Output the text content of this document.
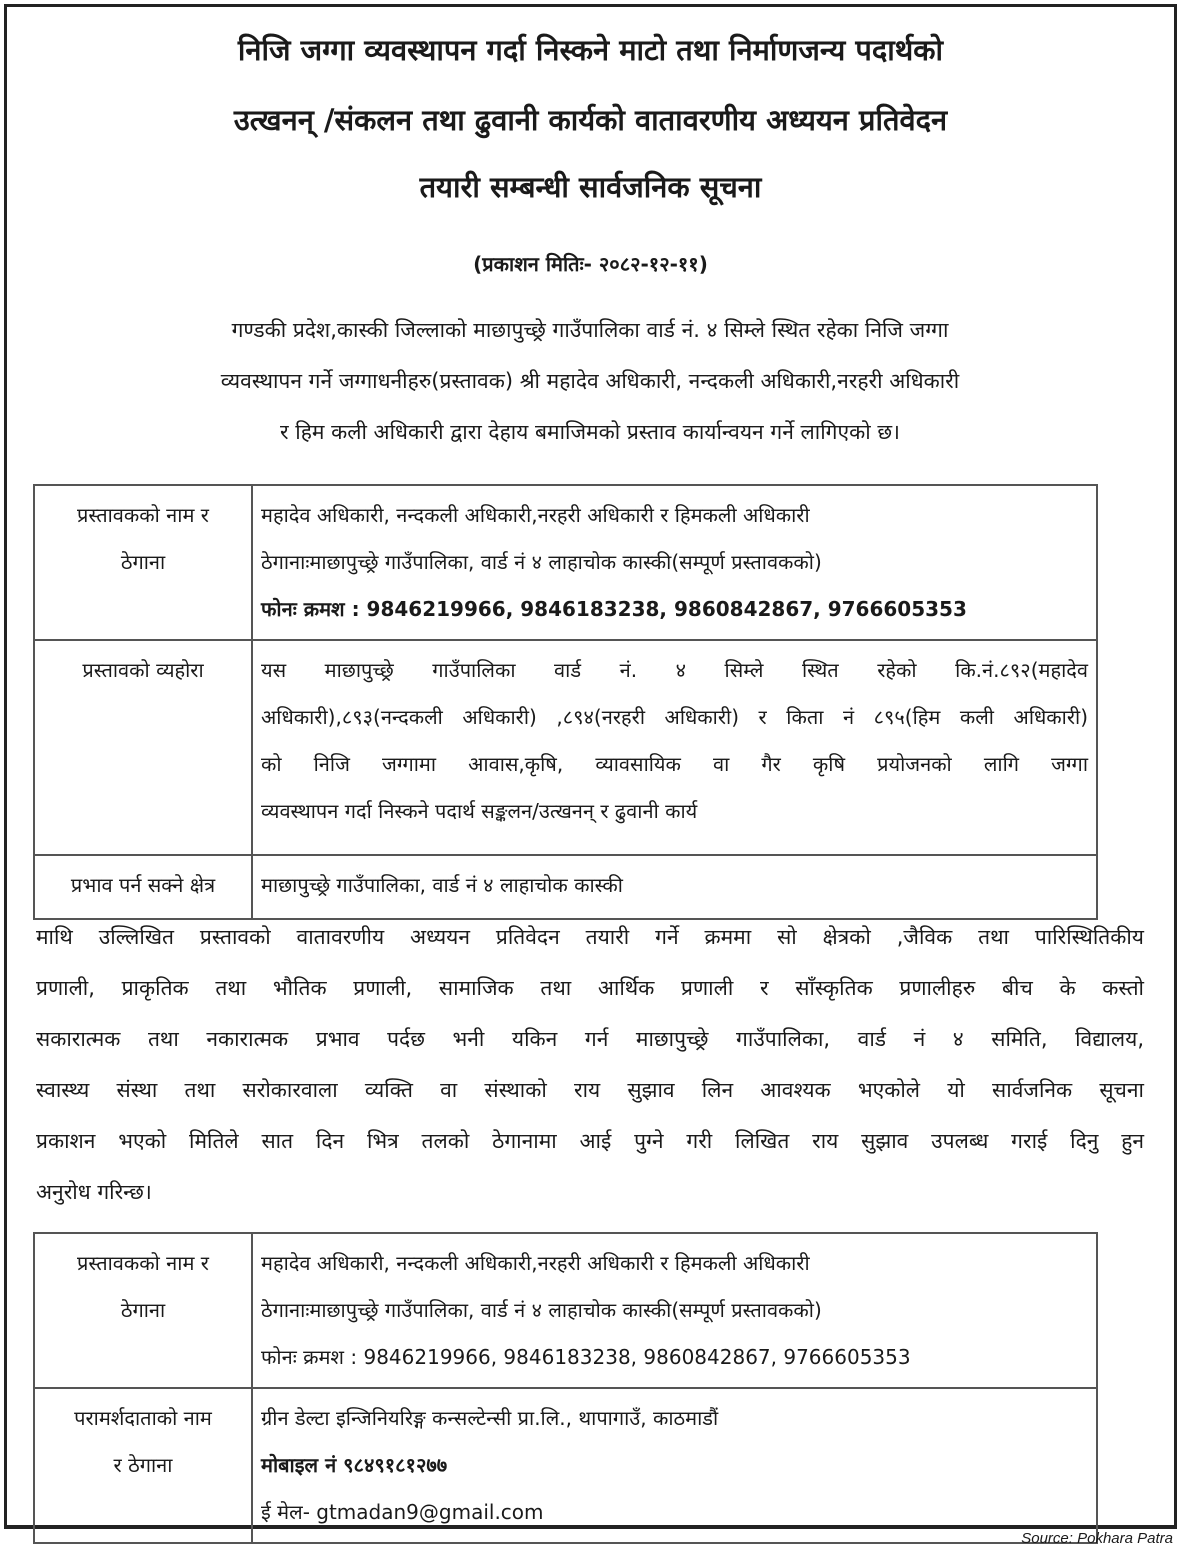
निजि जग्गा व्यवस्थापन गर्दा निस्कने माटो तथा निर्माणजन्य पदार्थको
उत्खनन् /संकलन तथा ढुवानी कार्यको वातावरणीय अध्ययन प्रतिवेदन
तयारी सम्बन्धी सार्वजनिक सूचना
(प्रकाशन मितिः- २०८२-१२-११)
गण्डकी प्रदेश,कास्की जिल्लाको माछापुच्छ्रे गाउँपालिका वार्ड नं. ४ सिम्ले स्थित रहेका निजि जग्गा
व्यवस्थापन गर्ने जग्गाधनीहरु(प्रस्तावक) श्री महादेव अधिकारी, नन्दकली अधिकारी,नरहरी अधिकारी
र हिम कली अधिकारी द्वारा देहाय बमाजिमको प्रस्ताव कार्यान्वयन गर्ने लागिएको छ।
प्रस्तावकको नाम र
ठेगाना	महादेव अधिकारी, नन्दकली अधिकारी,नरहरी अधिकारी र हिमकली अधिकारी
ठेगानाःमाछापुच्छ्रे गाउँपालिका, वार्ड नं ४ लाहाचोक कास्की(सम्पूर्ण प्रस्तावकको)
फोनः क्रमश : 9846219966, 9846183238, 9860842867, 9766605353

प्रस्तावको व्यहोरा	यस माछापुच्छ्रे गाउँपालिका वार्ड नं. ४ सिम्ले स्थित रहेको कि.नं.८९२(महादेव
अधिकारी),८९३(नन्दकली अधिकारी) ,८९४(नरहरी अधिकारी) र किता नं ८९५(हिम कली अधिकारी)
को निजि जग्गामा आवास,कृषि, व्यावसायिक वा गैर कृषि प्रयोजनको लागि जग्गा
व्यवस्थापन गर्दा निस्कने पदार्थ सङ्कलन/उत्खनन् र ढुवानी कार्य

प्रभाव पर्न सक्ने क्षेत्र	माछापुच्छ्रे गाउँपालिका, वार्ड नं ४ लाहाचोक कास्की
माथि उल्लिखित प्रस्तावको वातावरणीय अध्ययन प्रतिवेदन तयारी गर्ने क्रममा सो क्षेत्रको ,जैविक तथा पारिस्थितिकीय
प्रणाली, प्राकृतिक तथा भौतिक प्रणाली, सामाजिक तथा आर्थिक प्रणाली र साँस्कृतिक प्रणालीहरु बीच के कस्तो
सकारात्मक तथा नकारात्मक प्रभाव पर्दछ भनी यकिन गर्न माछापुच्छ्रे गाउँपालिका, वार्ड नं ४ समिति, विद्यालय,
स्वास्थ्य संस्था तथा सरोकारवाला व्यक्ति वा संस्थाको राय सुझाव लिन आवश्यक भएकोले यो सार्वजनिक सूचना
प्रकाशन भएको मितिले सात दिन भित्र तलको ठेगानामा आई पुग्ने गरी लिखित राय सुझाव उपलब्ध गराई दिनु हुन
अनुरोध गरिन्छ।
प्रस्तावकको नाम र
ठेगाना	महादेव अधिकारी, नन्दकली अधिकारी,नरहरी अधिकारी र हिमकली अधिकारी
ठेगानाःमाछापुच्छ्रे गाउँपालिका, वार्ड नं ४ लाहाचोक कास्की(सम्पूर्ण प्रस्तावकको)
फोनः क्रमश : 9846219966, 9846183238, 9860842867, 9766605353

परामर्शदाताको नाम
र ठेगाना	ग्रीन डेल्टा इन्जिनियरिङ्ग कन्सल्टेन्सी प्रा.लि., थापागाउँ, काठमाडौं
मोबाइल नं ९८४९१८१२७७
ई मेल- gtmadan9@gmail.com
Source: Pokhara Patra
